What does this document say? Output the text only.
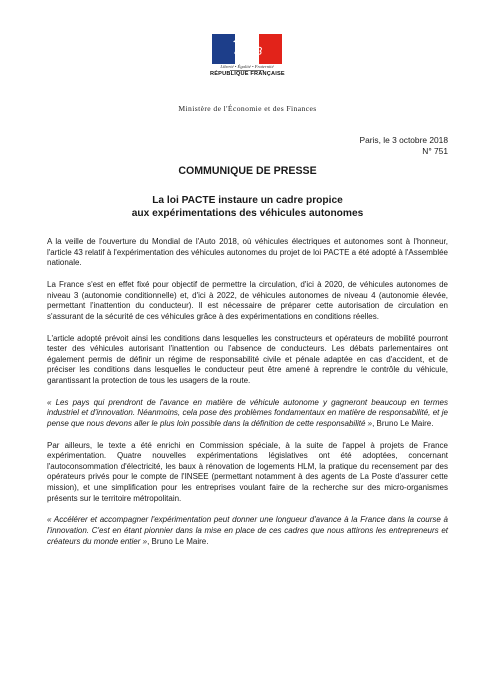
Liberté • Égalité • Fraternité
RÉPUBLIQUE FRANÇAISE
Ministère de l'Économie et des Finances
Paris, le 3 octobre 2018
N° 751
COMMUNIQUE DE PRESSE
La loi PACTE instaure un cadre propice
aux expérimentations des véhicules autonomes

A la veille de l'ouverture du Mondial de l'Auto 2018, où véhicules électriques et autonomes sont à l'honneur, l'article 43 relatif à l'expérimentation des véhicules autonomes du projet de loi PACTE a été adopté à l'Assemblée nationale.

La France s'est en effet fixé pour objectif de permettre la circulation, d'ici à 2020, de véhicules autonomes de niveau 3 (autonomie conditionnelle) et, d'ici à 2022, de véhicules autonomes de niveau 4 (autonomie élevée, permettant l'inattention du conducteur). Il est nécessaire de préparer cette autorisation de circulation en s'assurant de la sécurité de ces véhicules grâce à des expérimentations en conditions réelles.

L'article adopté prévoit ainsi les conditions dans lesquelles les constructeurs et opérateurs de mobilité pourront tester des véhicules autorisant l'inattention ou l'absence de conducteurs. Les débats parlementaires ont également permis de définir un régime de responsabilité civile et pénale adaptée en cas d'accident, et de préciser les conditions dans lesquelles le conducteur peut être amené à reprendre le contrôle du véhicule, garantissant la protection de tous les usagers de la route.

« Les pays qui prendront de l'avance en matière de véhicule autonome y gagneront beaucoup en termes industriel et d'innovation. Néanmoins, cela pose des problèmes fondamentaux en matière de responsabilité, et je pense que nous devons aller le plus loin possible dans la définition de cette responsabilité », Bruno Le Maire.

Par ailleurs, le texte a été enrichi en Commission spéciale, à la suite de l'appel à projets de France expérimentation. Quatre nouvelles expérimentations législatives ont été adoptées, concernant l'autoconsommation d'électricité, les baux à rénovation de logements HLM, la pratique du recensement par des opérateurs privés pour le compte de l'INSEE (permettant notamment à des agents de La Poste d'assurer cette mission), et une simplification pour les entreprises voulant faire de la recherche sur des micro-organismes présents sur le territoire métropolitain.

« Accélérer et accompagner l'expérimentation peut donner une longueur d'avance à la France dans la course à l'innovation. C'est en étant pionnier dans la mise en place de ces cadres que nous attirons les entrepreneurs et créateurs du monde entier », Bruno Le Maire.
